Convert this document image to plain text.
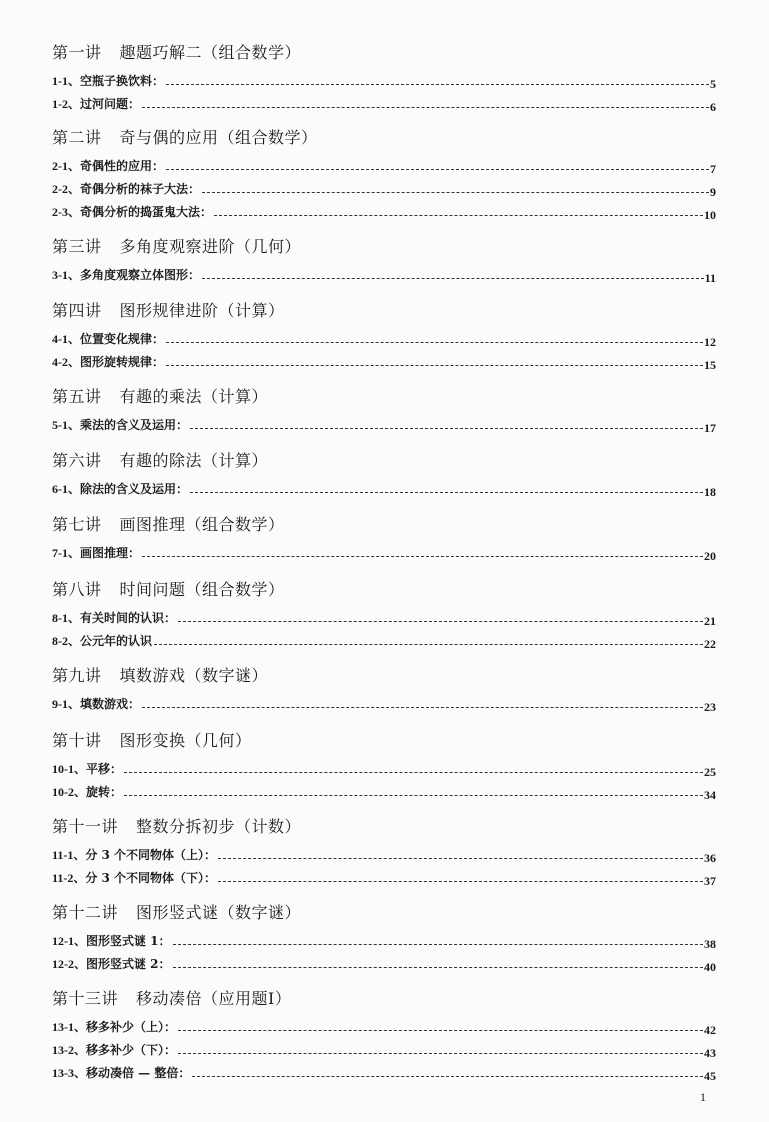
第一讲 趣题巧解二（组合数学）
1-1、空瓶子换饮料：	5
1-2、过河问题：	6
第二讲 奇与偶的应用（组合数学）
2-1、奇偶性的应用：	7
2-2、奇偶分析的袜子大法：	9
2-3、奇偶分析的捣蛋鬼大法：	10
第三讲 多角度观察进阶（几何）
3-1、多角度观察立体图形：	11
第四讲 图形规律进阶（计算）
4-1、位置变化规律：	12
4-2、图形旋转规律：	15
第五讲 有趣的乘法（计算）
5-1、乘法的含义及运用：	17
第六讲 有趣的除法（计算）
6-1、除法的含义及运用：	18
第七讲 画图推理（组合数学）
7-1、画图推理：	20
第八讲 时间问题（组合数学）
8-1、有关时间的认识：	21
8-2、公元年的认识	22
第九讲 填数游戏（数字谜）
9-1、填数游戏：	23
第十讲 图形变换（几何）
10-1、平移：	25
10-2、旋转：	34
第十一讲 整数分拆初步（计数）
11-1、分 3 个不同物体（上）：	36
11-2、分 3 个不同物体（下）：	37
第十二讲 图形竖式谜（数字谜）
12-1、图形竖式谜 1：	38
12-2、图形竖式谜 2：	40
第十三讲 移动凑倍（应用题Ⅰ）
13-1、移多补少（上）：	42
13-2、移多补少（下）：	43
13-3、移动凑倍 — 整倍：	45
1
